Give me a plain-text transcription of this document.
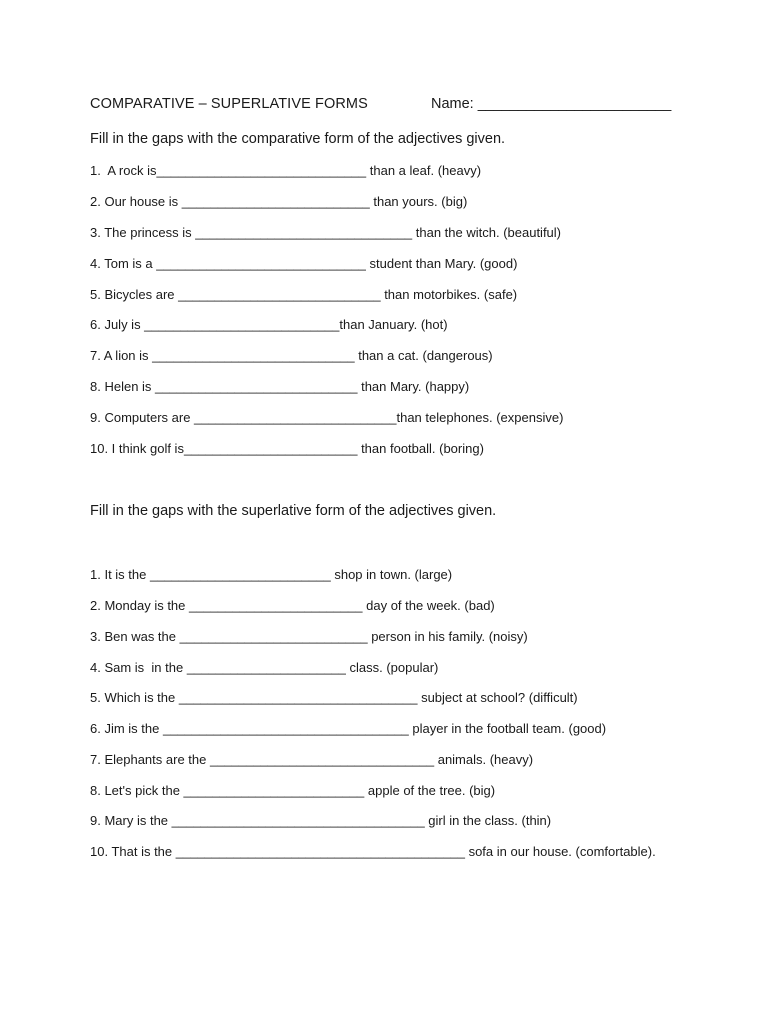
COMPARATIVE – SUPERLATIVE FORMS	Name: ________________________
Fill in the gaps with the comparative form of the adjectives given.
1.  A rock is_____________________________ than a leaf. (heavy)
2. Our house is __________________________ than yours. (big)
3. The princess is ______________________________ than the witch. (beautiful)
4. Tom is a _____________________________ student than Mary. (good)
5. Bicycles are ____________________________ than motorbikes. (safe)
6. July is ___________________________than January. (hot)
7. A lion is ____________________________ than a cat. (dangerous)
8. Helen is ____________________________ than Mary. (happy)
9. Computers are ____________________________than telephones. (expensive)
10. I think golf is________________________ than football. (boring)
Fill in the gaps with the superlative form of the adjectives given.
1. It is the _________________________ shop in town. (large)
2. Monday is the ________________________ day of the week. (bad)
3. Ben was the __________________________ person in his family. (noisy)
4. Sam is  in the ______________________ class. (popular)
5. Which is the _________________________________ subject at school? (difficult)
6. Jim is the __________________________________ player in the football team. (good)
7. Elephants are the _______________________________ animals. (heavy)
8. Let's pick the _________________________ apple of the tree. (big)
9. Mary is the ___________________________________ girl in the class. (thin)
10. That is the ________________________________________ sofa in our house. (comfortable).
